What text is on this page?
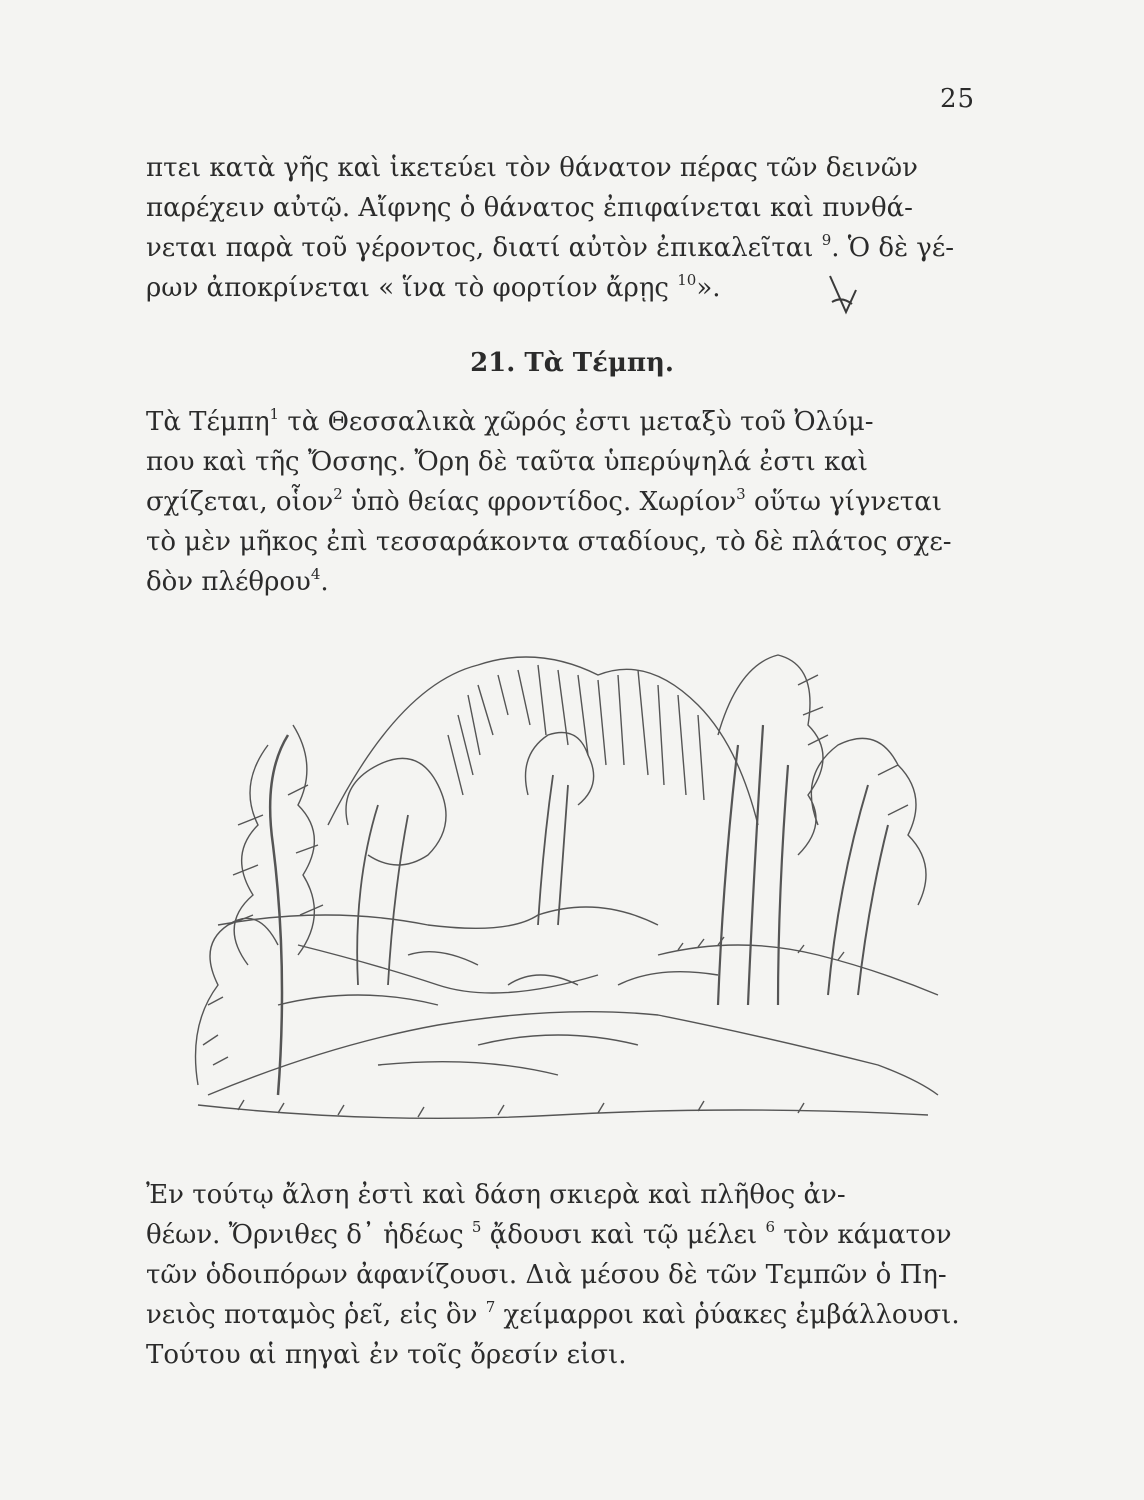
25

πτει κατὰ γῆς καὶ ἱκετεύει τὸν θάνατον πέρας τῶν δεινῶν
παρέχειν αὐτῷ. Αἴφνης ὁ θάνατος ἐπιφαίνεται καὶ πυνθά-
νεται παρὰ τοῦ γέροντος, διατί αὐτὸν ἐπικαλεῖται $^9$. Ὁ δὲ γέ-
ρων ἀποκρίνεται « ἵνα τὸ φορτίον ἄρῃς $^{10}$».

21. Τὰ Τέμπη.

Τὰ Τέμπη$^1$ τὰ Θεσσαλικὰ χῶρός ἐστι μεταξὺ τοῦ Ὀλύμ-
που καὶ τῆς Ὄσσης. Ὄρη δὲ ταῦτα ὑπερύψηλά ἐστι καὶ
σχίζεται, οἷον$^2$ ὑπὸ θείας φροντίδος. Χωρίον$^3$ οὕτω γίγνεται
τὸ μὲν μῆκος ἐπὶ τεσσαράκοντα σταδίους, τὸ δὲ πλάτος σχε-
δὸν πλέθρου$^4$.

Ἐν τούτῳ ἄλση ἐστὶ καὶ δάση σκιερὰ καὶ πλῆθος ἀν-
θέων. Ὄρνιθες δ᾽ ἡδέως $^5$ ᾄδουσι καὶ τῷ μέλει $^6$ τὸν κάματον
τῶν ὁδοιπόρων ἀφανίζουσι. Διὰ μέσου δὲ τῶν Τεμπῶν ὁ Πη-
νειὸς ποταμὸς ῥεῖ, εἰς ὃν $^7$ χείμαρροι καὶ ῥύακες ἐμβάλλουσι.
Τούτου αἱ πηγαὶ ἐν τοῖς ὄρεσίν εἰσι.
